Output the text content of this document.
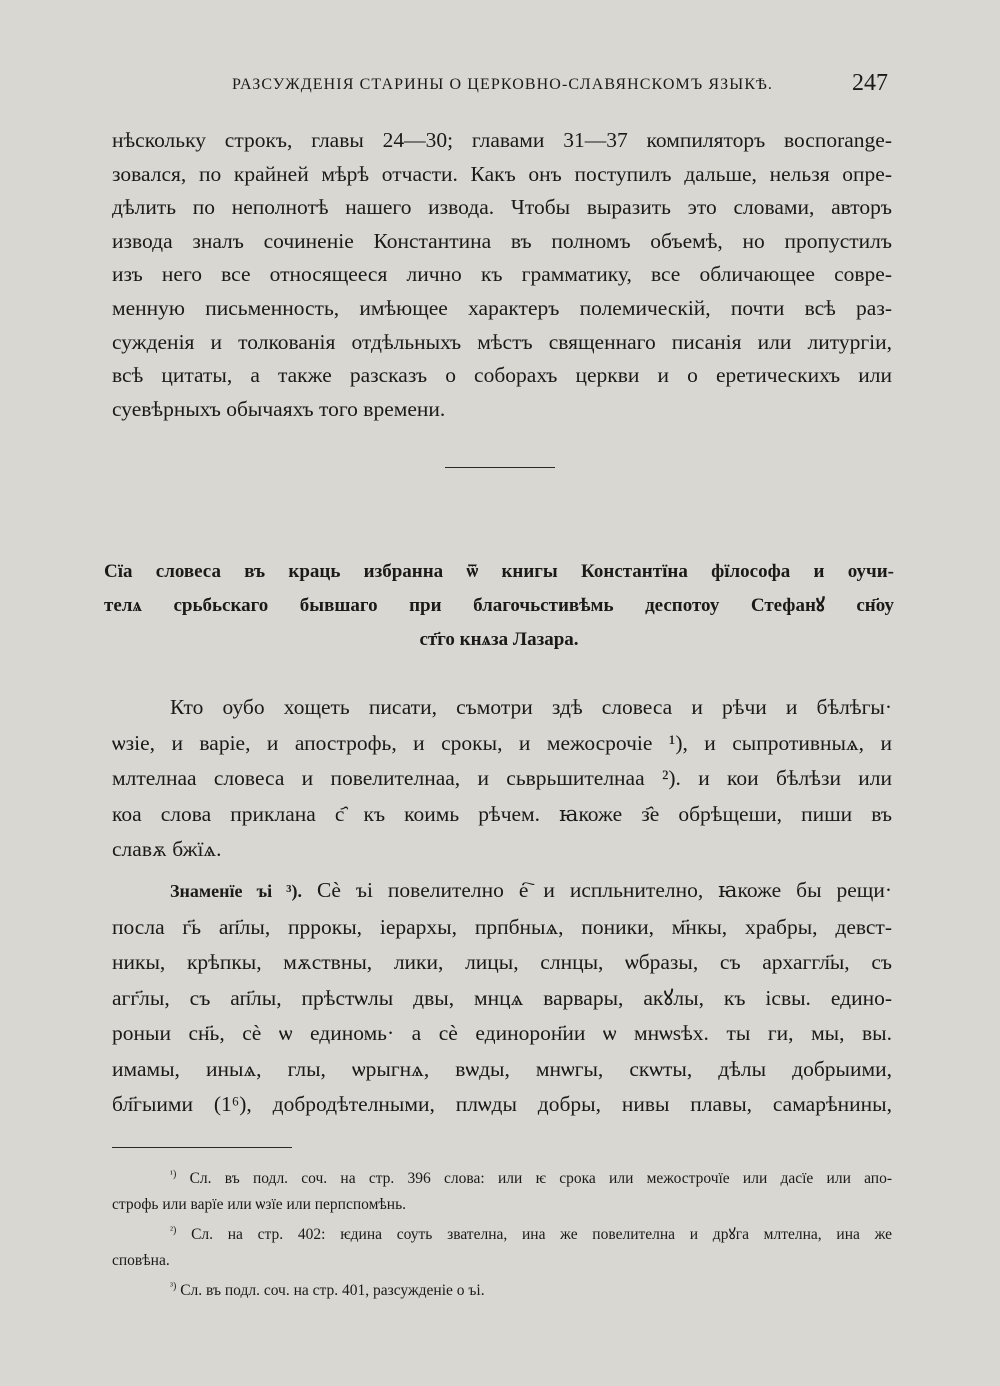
РАЗСУЖДЕНІЯ СТАРИНЫ О ЦЕРКОВНО-СЛАВЯНСКОМЪ ЯЗЫКѢ.	247
нѣскольку строкъ, главы 24—30; главами 31—37 компиляторъ воспоrange-
зовался, по крайней мѣрѣ отчасти. Какъ онъ поступилъ дальше, нельзя опре-
дѣлить по неполнотѣ нашего извода. Чтобы выразить это словами, авторъ
извода зналъ сочиненіе Константина въ полномъ объемѣ, но пропустилъ
изъ него все относящееся лично къ грамматику, все обличающее совре-
менную письменность, имѣющее характеръ полемическій, почти всѣ раз-
сужденія и толкованія отдѣльныхъ мѣстъ священнаго писанія или литургіи,
всѣ цитаты, а также разсказъ о соборахъ церкви и о еретическихъ или
суевѣрныхъ обычаяхъ того времени.
Сїа словеса въ краць избранна ѿ книгы Константїна фїлософа и оучи-
телѧ срьбьскаго бывшаго при благочьстивѣмь деспотоу Стефанꙋ сн҃оу
ст҃го кнѧза Лазара.
Кто оубо хощеть писати, съмотри здѣ словеса и рѣчи и бѣлѣгы·
ѡзіе, и варіе, и апострофь, и срокы, и межосрочіе ¹), и сыпротивныѧ, и
млтелнаа словеса и повелителнаа, и сьврьшителнаа ²). и кои бѣлѣзи или
коа слова приклана с҄ къ коимь рѣчем. ꙗкоже з҄е обрѣщеши, пиши въ
славѫ бжїѧ.
Знаменїе ъі ³). Сѐ ъі повелително е҇ и испльнително, ꙗкоже бы рещи·
посла г҃ь ап҃лы, пррокы, іерархы, прпбныѧ, поники, м҃нкы, храбры, девст-
никы, крѣпкы, мѫствны, лики, лицы, слнцы, ѡбразы, съ архаггл҃ы, съ
агг҃лы, съ ап҃лы, прѣстѡлы двы, мнцѧ варвары, акꙋлы, къ ісвы. едино-
роныи сн҃ь, сѐ ѡ единомь· а сѐ единорон҃ии ѡ мнѡѕѣх. ты ги, мы, вы.
имамы, иныѧ, глы, ѡрыгнѧ, вѡды, мнѡгы, скѡты, дѣлы добрыими,
бл҃гыими (1⁶), добродѣтелными, плѡды добры, нивы плавы, самарѣнины,
$^{^1)}$ Сл. въ подл. соч. на стр. 396 слова: или ѥ срока или межострочїе или дасїе или апо-
строфь или варїе или ѡзїе или перпспомѣнь.
$^{^2)}$ Сл. на стр. 402: ѥдина соуть звателна, ина же повелителна и дрꙋга млтелна, ина же
сповѣна.
$^{^3)}$ Сл. въ подл. соч. на стр. 401, разсужденіе о ъі.
